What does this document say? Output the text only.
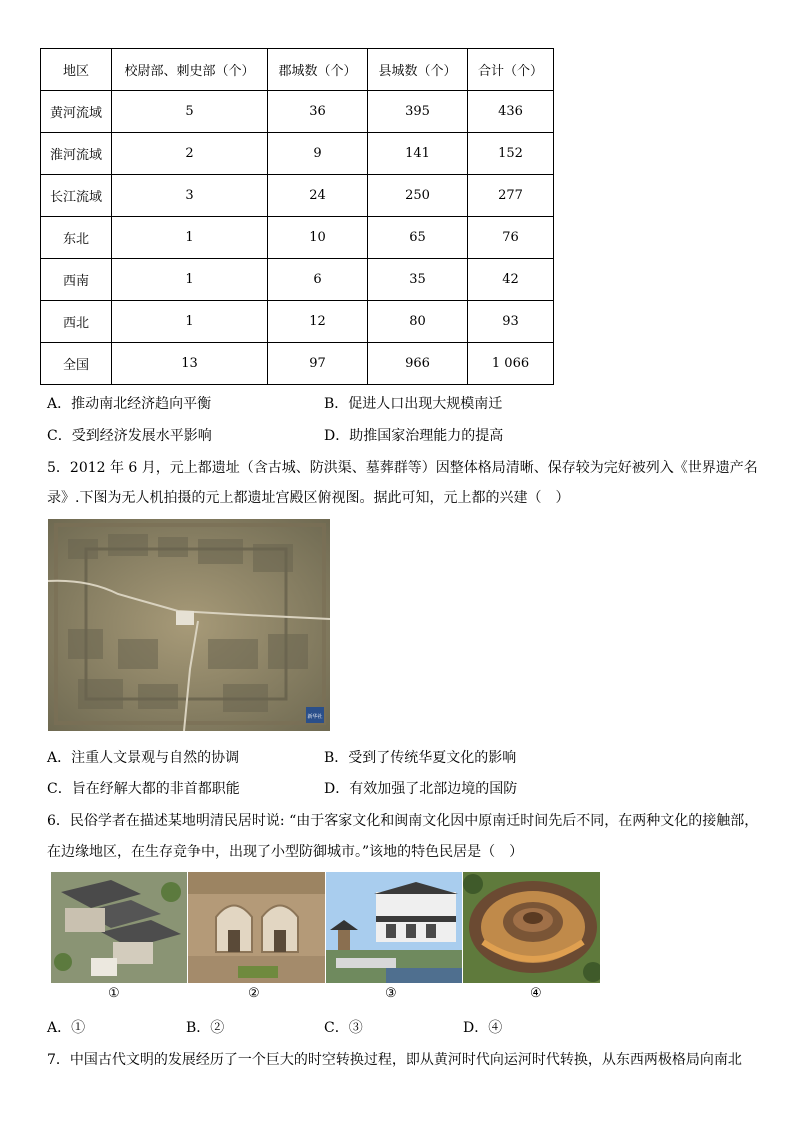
地区	校尉部、刺史部（个）	郡城数（个）	县城数（个）	合计（个）
黄河流域	5	36	395	436
淮河流域	2	9	141	152
长江流域	3	24	250	277
东北	1	10	65	76
西南	1	6	35	42
西北	1	12	80	93
全国	13	97	966	1 066
A．推动南北经济趋向平衡	B．促进人口出现大规模南迁
C．受到经济发展水平影响	D．助推国家治理能力的提高
5．2012 年 6 月，元上都遗址（含古城、防洪渠、墓葬群等）因整体格局清晰、保存较为完好被列入《世界遗产名
录》.下图为无人机拍摄的元上都遗址宫殿区俯视图。据此可知，元上都的兴建（　）
新华社
A．注重人文景观与自然的协调	B．受到了传统华夏文化的影响
C．旨在纾解大都的非首都职能	D．有效加强了北部边境的国防
6．民俗学者在描述某地明清民居时说: “由于客家文化和闽南文化因中原南迁时间先后不同，在两种文化的接触部，
在边缘地区，在生存竞争中，出现了小型防御城市。”该地的特色民居是（　）
①	②	③	④
A．①	B．②	C．③	D．④
7．中国古代文明的发展经历了一个巨大的时空转换过程，即从黄河时代向运河时代转换，从东西两极格局向南北
